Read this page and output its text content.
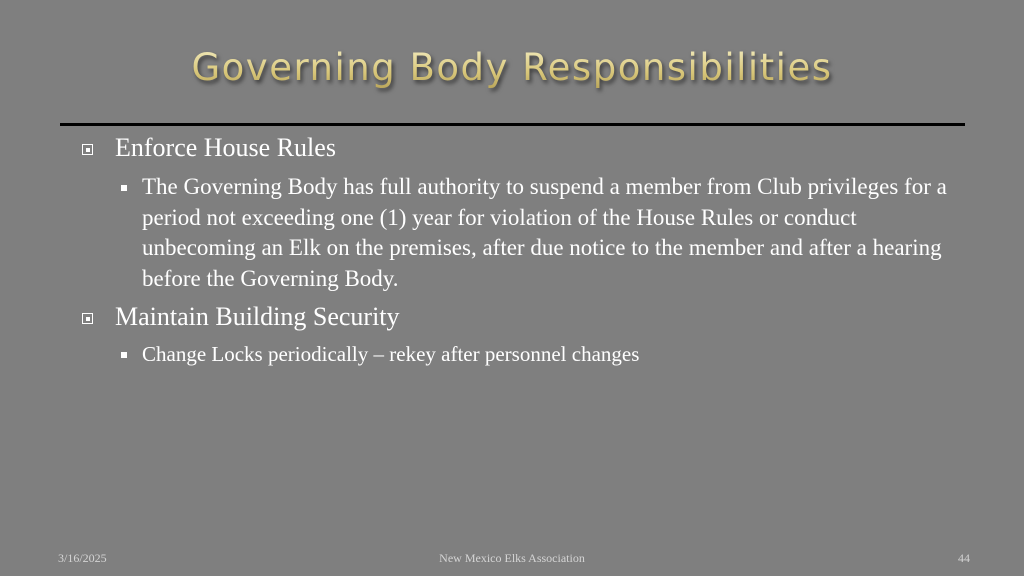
Governing Body Responsibilities
Enforce House Rules
The Governing Body has full authority to suspend a member from Club privileges for a period not exceeding one (1) year for violation of the House Rules or conduct unbecoming an Elk on the premises, after due notice to the member and after a hearing before the Governing Body.
Maintain Building Security
Change Locks periodically – rekey after personnel changes
3/16/2025	New Mexico Elks Association	44
